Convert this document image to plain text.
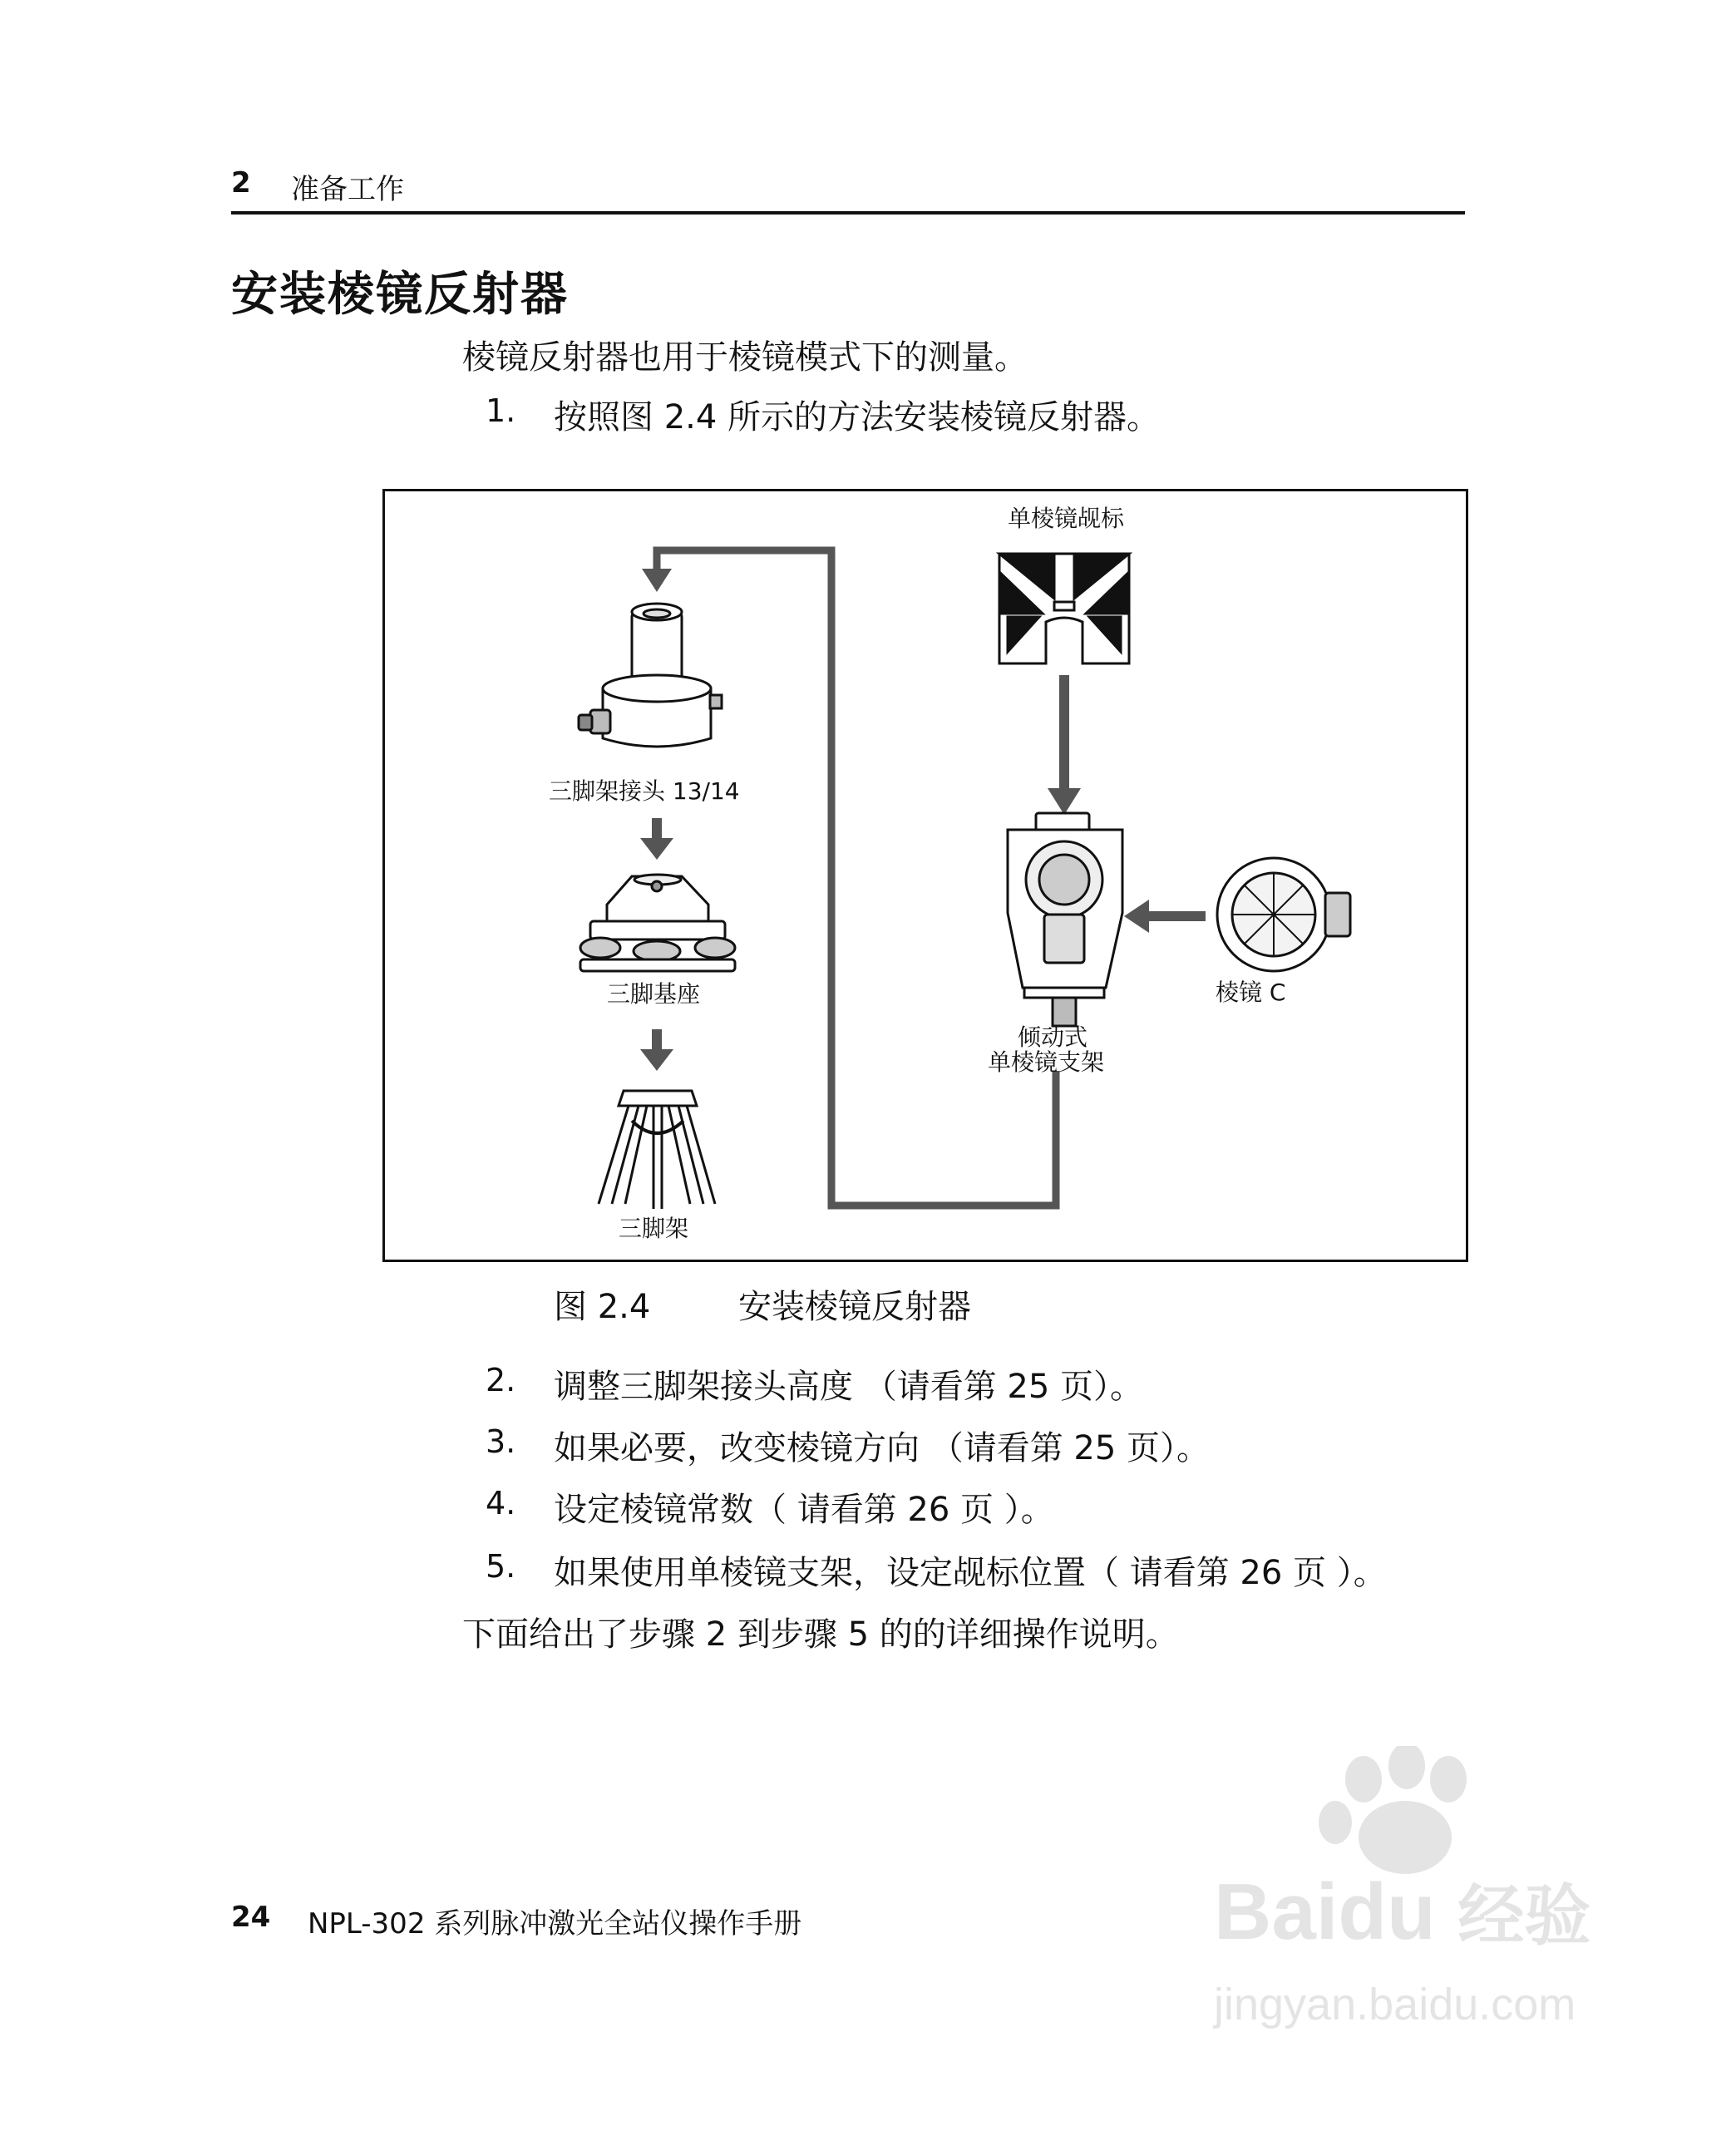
2 准备工作
安装棱镜反射器
棱镜反射器也用于棱镜模式下的测量。
1. 按照图 2.4 所示的方法安装棱镜反射器。
单棱镜觇标
三脚架接头 13/14
三脚基座
三脚架
倾动式
单棱镜支架
棱镜 C
图 2.4	安装棱镜反射器
2. 调整三脚架接头高度 （请看第 25 页）。
3. 如果必要，改变棱镜方向 （请看第 25 页）。
4. 设定棱镜常数（ 请看第 26 页 ）。
5. 如果使用单棱镜支架，设定觇标位置（ 请看第 26 页 ）。
下面给出了步骤 2 到步骤 5 的的详细操作说明。
24 NPL-302 系列脉冲激光全站仪操作手册	Baidu 经验
jingyan.baidu.com
